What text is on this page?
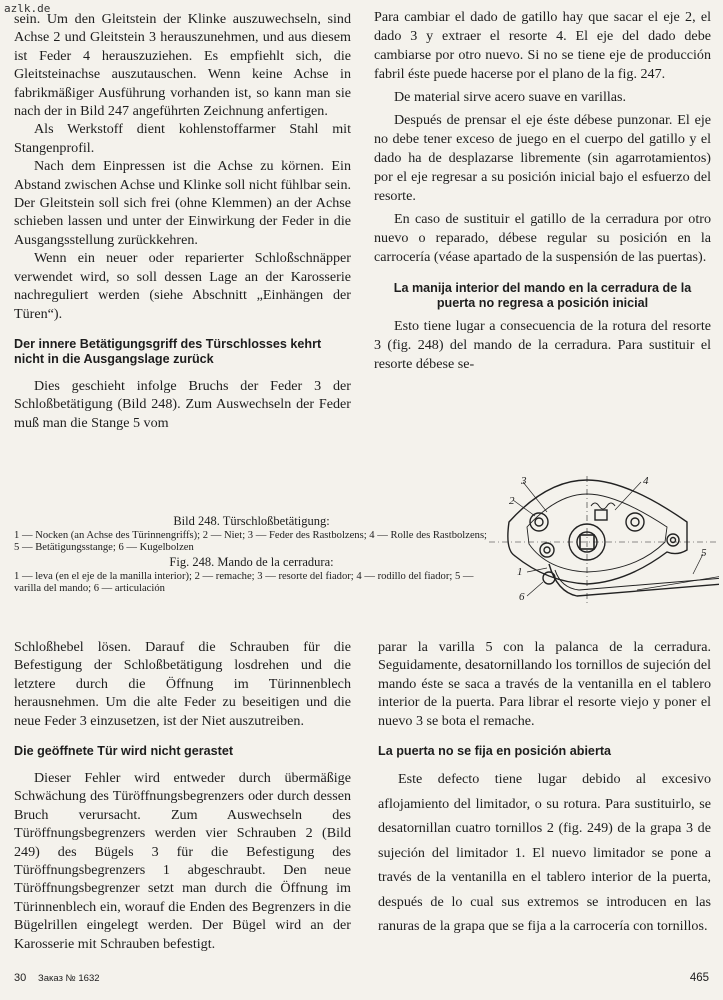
azlk.de

sein. Um den Gleitstein der Klinke auszuwechseln, sind Achse 2 und Gleitstein 3 herauszunehmen, und aus diesem ist Feder 4 herauszuziehen. Es empfiehlt sich, die Gleitsteinachse auszutauschen. Wenn keine Achse in fabrikmäßiger Ausführung vorhanden ist, so kann man sie nach der in Bild 247 angeführten Zeichnung anfertigen.

Als Werkstoff dient kohlenstoffarmer Stahl mit Stangenprofil.

Nach dem Einpressen ist die Achse zu körnen. Ein Abstand zwischen Achse und Klinke soll nicht fühlbar sein. Der Gleitstein soll sich frei (ohne Klemmen) an der Achse schieben lassen und unter der Einwirkung der Feder in die Ausgangsstellung zurückkehren.

Wenn ein neuer oder reparierter Schloßschnäpper verwendet wird, so soll dessen Lage an der Karosserie nachreguliert werden (siehe Abschnitt „Einhängen der Türen“).

Der innere Betätigungsgriff des Türschlosses kehrt nicht in die Ausgangslage zurück

Dies geschieht infolge Bruchs der Feder 3 der Schloßbetätigung (Bild 248). Zum Auswechseln der Feder muß man die Stange 5 vom

Para cambiar el dado de gatillo hay que sacar el eje 2, el dado 3 y extraer el resorte 4. El eje del dado debe cambiarse por otro nuevo. Si no se tiene eje de producción fabril éste puede hacerse por el plano de la fig. 247.

De material sirve acero suave en varillas.

Después de prensar el eje éste débese punzonar. El eje no debe tener exceso de juego en el cuerpo del gatillo y el dado ha de desplazarse libremente (sin agarrotamientos) por el eje regresar a su posición inicial bajo el esfuerzo del resorte.

En caso de sustituir el gatillo de la cerradura por otro nuevo o reparado, débese regular su posición en la carrocería (véase apartado de la suspensión de las puertas).

La manija interior del mando en la cerradura de la puerta no regresa a posición inicial

Esto tiene lugar a consecuencia de la rotura del resorte 3 (fig. 248) del mando de la cerradura. Para sustituir el resorte débese se-

Bild 248. Türschloßbetätigung:
1 — Nocken (an Achse des Türinnengriffs); 2 — Niet; 3 — Feder des Rastbolzens; 4 — Rolle des Rastbolzens; 5 — Betätigungsstange; 6 — Kugelbolzen
Fig. 248. Mando de la cerradura:
1 — leva (en el eje de la manilla interior); 2 — remache; 3 — resorte del fiador; 4 — rodillo del fiador; 5 — varilla del mando; 6 — articulación
1
2
3	4
5
6

Schloßhebel lösen. Darauf die Schrauben für die Befestigung der Schloßbetätigung losdrehen und die letztere durch die Öffnung im Türinnenblech herausnehmen. Um die alte Feder zu beseitigen und die neue Feder 3 einzusetzen, ist der Niet auszutreiben.

Die geöffnete Tür wird nicht gerastet

Dieser Fehler wird entweder durch übermäßige Schwächung des Türöffnungsbegrenzers oder durch dessen Bruch verursacht. Zum Auswechseln des Türöffnungsbegrenzers werden vier Schrauben 2 (Bild 249) des Bügels 3 für die Befestigung des Türöffnungsbegrenzers 1 abgeschraubt. Den neue Türöffnungsbegrenzer setzt man durch die Öffnung im Türinnenblech ein, worauf die Enden des Begrenzers in die Bügelrillen eingelegt werden. Der Bügel wird an der Karosserie mit Schrauben befestigt.

parar la varilla 5 con la palanca de la cerradura. Seguidamente, desatornillando los tornillos de sujeción del mando éste se saca a través de la ventanilla en el tablero interior de la puerta. Para librar el resorte viejo y poner el nuevo 3 se bota el remache.

La puerta no se fija en posición abierta

Este defecto tiene lugar debido al excesivo aflojamiento del limitador, o su rotura. Para sustituirlo, se desatornillan cuatro tornillos 2 (fig. 249) de la grapa 3 de sujeción del limitador 1. El nuevo limitador se pone a través de la ventanilla en el tablero interior de la puerta, después de lo cual sus extremos se introducen en las ranuras de la grapa que se fija a la carrocería con tornillos.

30 Заказ № 1632	465
